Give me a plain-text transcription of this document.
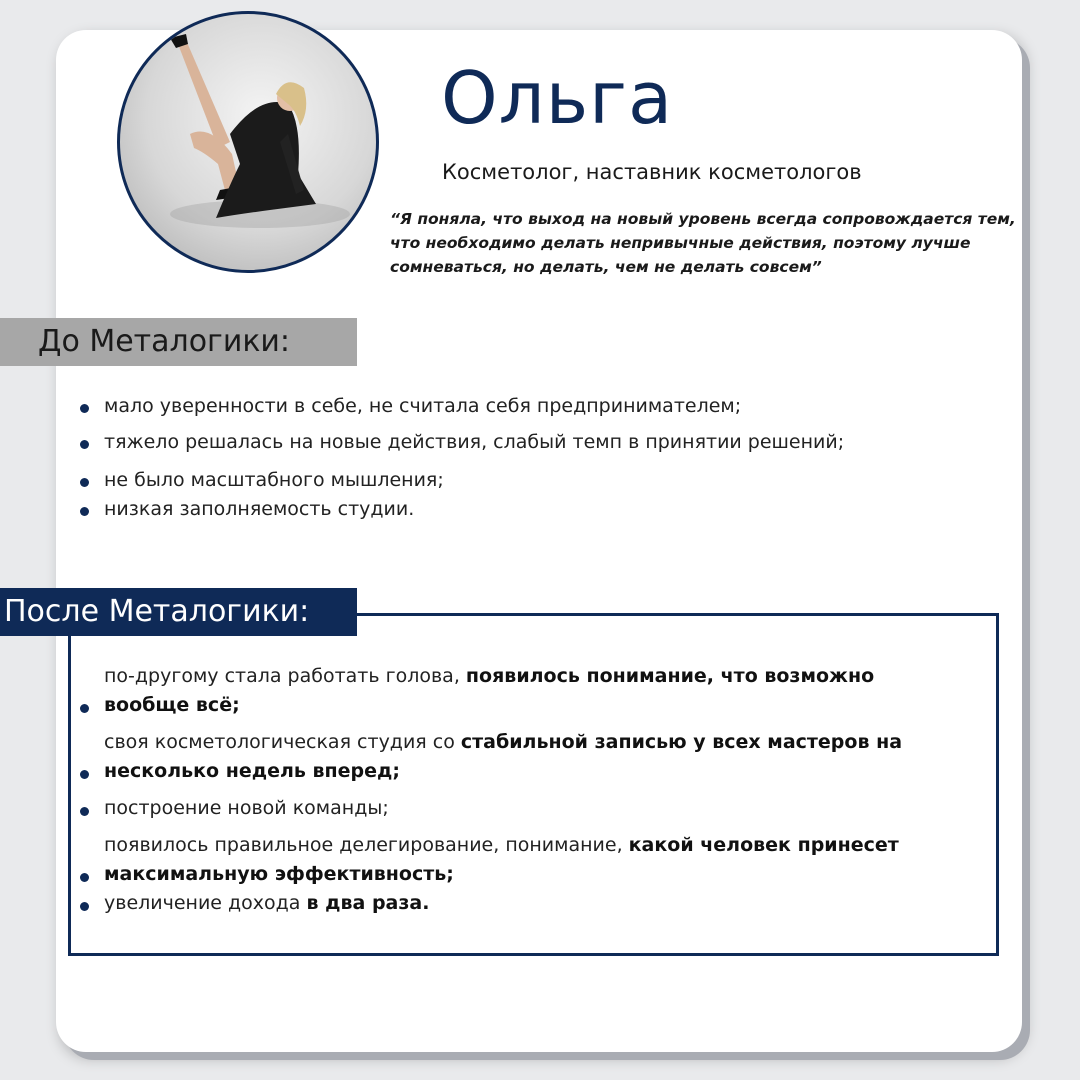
Ольга
Косметолог, наставник косметологов
“Я поняла, что выход на новый уровень всегда сопровождается тем, что необходимо делать непривычные действия, поэтому лучше сомневаться, но делать, чем не делать совсем”
До Металогики:
мало уверенности в себе, не считала себя предпринимателем;
тяжело решалась на новые действия, слабый темп в принятии решений;
не было масштабного мышления;
низкая заполняемость студии.
После Металогики:
по-другому стала работать голова, появилось понимание, что возможно вообще всё;
своя косметологическая студия со стабильной записью у всех мастеров на несколько недель вперед;
построение новой команды;
появилось правильное делегирование, понимание, какой человек принесет максимальную эффективность;
увеличение дохода в два раза.
